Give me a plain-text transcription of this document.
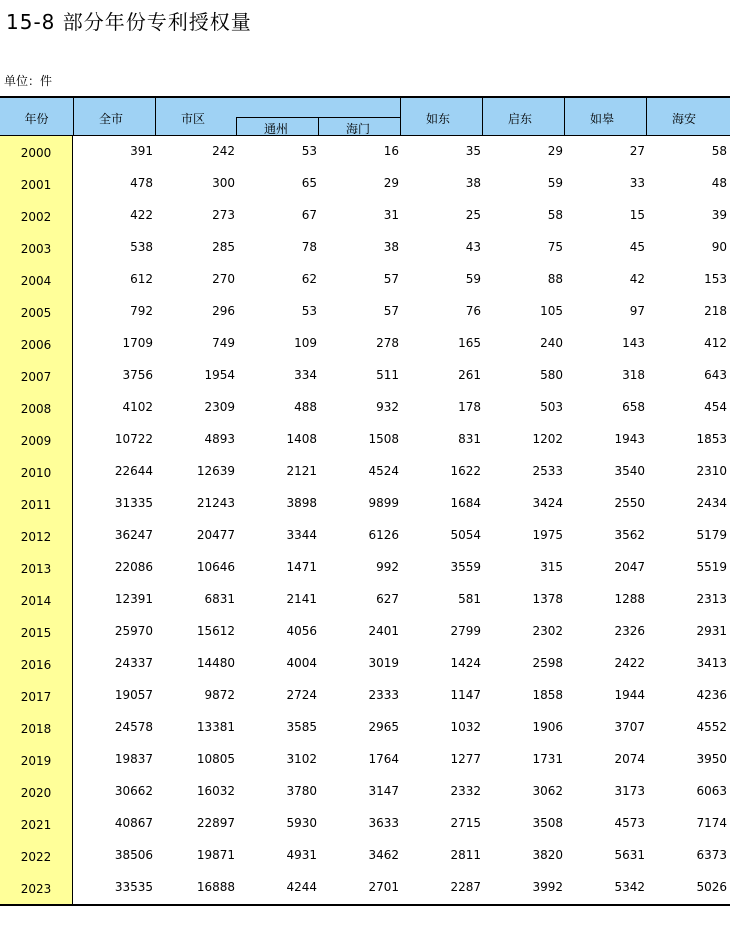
15-8 部分年份专利授权量
单位：件
年份	全市	市区
通州	海门
如东	启东	如皋	海安
2000	391	242	53	16	35	29	27	58
2001	478	300	65	29	38	59	33	48
2002	422	273	67	31	25	58	15	39
2003	538	285	78	38	43	75	45	90
2004	612	270	62	57	59	88	42	153
2005	792	296	53	57	76	105	97	218
2006	1709	749	109	278	165	240	143	412
2007	3756	1954	334	511	261	580	318	643
2008	4102	2309	488	932	178	503	658	454
2009	10722	4893	1408	1508	831	1202	1943	1853
2010	22644	12639	2121	4524	1622	2533	3540	2310
2011	31335	21243	3898	9899	1684	3424	2550	2434
2012	36247	20477	3344	6126	5054	1975	3562	5179
2013	22086	10646	1471	992	3559	315	2047	5519
2014	12391	6831	2141	627	581	1378	1288	2313
2015	25970	15612	4056	2401	2799	2302	2326	2931
2016	24337	14480	4004	3019	1424	2598	2422	3413
2017	19057	9872	2724	2333	1147	1858	1944	4236
2018	24578	13381	3585	2965	1032	1906	3707	4552
2019	19837	10805	3102	1764	1277	1731	2074	3950
2020	30662	16032	3780	3147	2332	3062	3173	6063
2021	40867	22897	5930	3633	2715	3508	4573	7174
2022	38506	19871	4931	3462	2811	3820	5631	6373
2023	33535	16888	4244	2701	2287	3992	5342	5026
